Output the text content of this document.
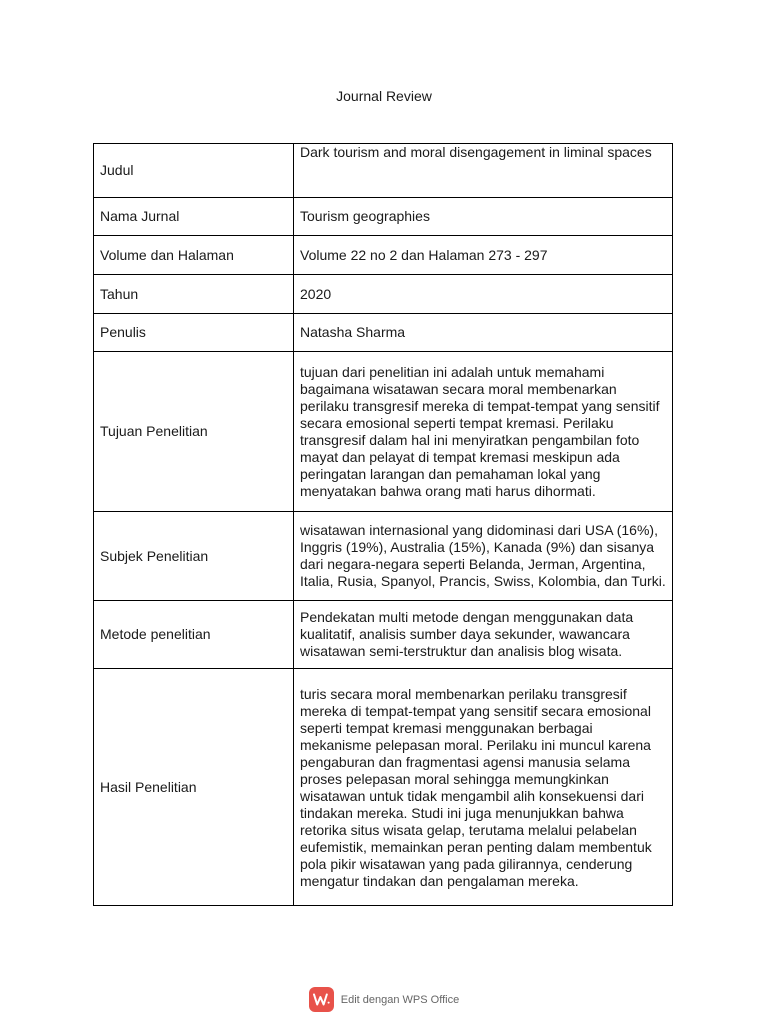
Journal Review
Judul	Dark tourism and moral disengagement in liminal spaces
Nama Jurnal	Tourism geographies
Volume dan Halaman	Volume 22 no 2 dan Halaman 273 - 297
Tahun	2020
Penulis	Natasha Sharma
Tujuan Penelitian	tujuan dari penelitian ini adalah untuk memahami bagaimana wisatawan secara moral membenarkan perilaku transgresif mereka di tempat-tempat yang sensitif secara emosional seperti tempat kremasi. Perilaku transgresif dalam hal ini menyiratkan pengambilan foto mayat dan pelayat di tempat kremasi meskipun ada peringatan larangan dan pemahaman lokal yang menyatakan bahwa orang mati harus dihormati.
Subjek Penelitian	wisatawan internasional yang didominasi dari USA (16%), Inggris (19%), Australia (15%), Kanada (9%) dan sisanya dari negara-negara seperti Belanda, Jerman, Argentina, Italia, Rusia, Spanyol, Prancis, Swiss, Kolombia, dan Turki.
Metode penelitian	Pendekatan multi metode dengan menggunakan data kualitatif, analisis sumber daya sekunder, wawancara wisatawan semi-terstruktur dan analisis blog wisata.
Hasil Penelitian	turis secara moral membenarkan perilaku transgresif mereka di tempat-tempat yang sensitif secara emosional seperti tempat kremasi menggunakan berbagai mekanisme pelepasan moral. Perilaku ini muncul karena pengaburan dan fragmentasi agensi manusia selama proses pelepasan moral sehingga memungkinkan wisatawan untuk tidak mengambil alih konsekuensi dari tindakan mereka. Studi ini juga menunjukkan bahwa retorika situs wisata gelap, terutama melalui pelabelan eufemistik, memainkan peran penting dalam membentuk pola pikir wisatawan yang pada gilirannya, cenderung mengatur tindakan dan pengalaman mereka.
Edit dengan WPS Office
